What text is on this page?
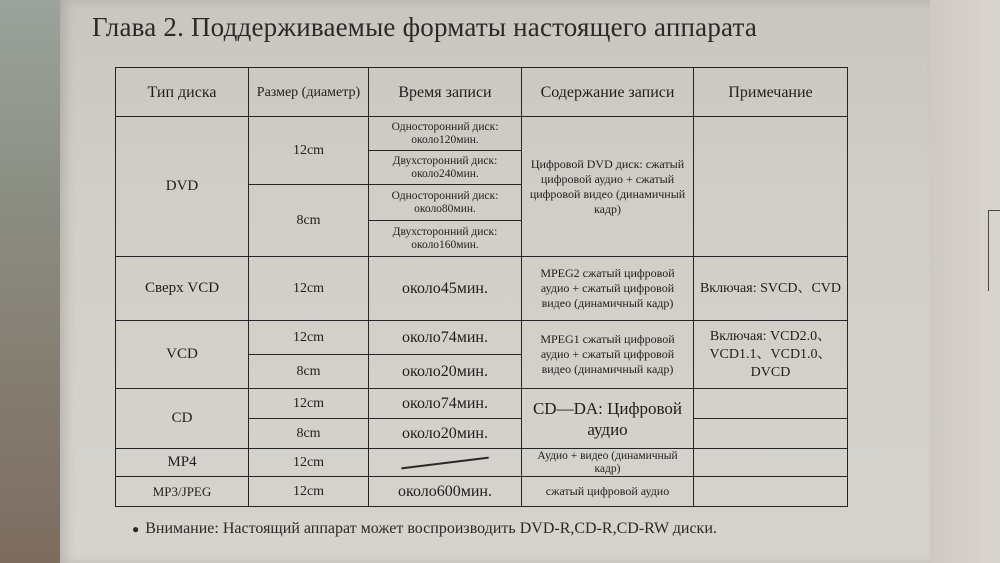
Глава 2. Поддерживаемые форматы настоящего аппарата
Тип диска	Размер (диаметр)	Время записи	Содержание записи	Примечание
DVD	12cm	Односторонний диск: около120мин.	Цифровой DVD диск: сжатый цифровой аудио + сжатый цифровой видео (динамичный кадр)	
		Двухсторонний диск: около240мин.		
	8cm	Односторонний диск: около80мин.		
		Двухсторонний диск: около160мин.		
Сверх VCD	12cm	около45мин.	MPEG2 сжатый цифровой аудио + сжатый цифровой видео (динамичный кадр)	Включая: SVCD、CVD
VCD	12cm	около74мин.	MPEG1 сжатый цифровой аудио + сжатый цифровой видео (динамичный кадр)	Включая: VCD2.0、VCD1.1、VCD1.0、DVCD
	8cm	около20мин.		
CD	12cm	около74мин.	CD—DA: Цифровой аудио	
	8cm	около20мин.		
MP4	12cm		Аудио + видео (динамичный кадр)	
MP3/JPEG	12cm	около600мин.	сжатый цифровой аудио	
● Внимание: Настоящий аппарат может воспроизводить DVD-R,CD-R,CD-RW диски.
